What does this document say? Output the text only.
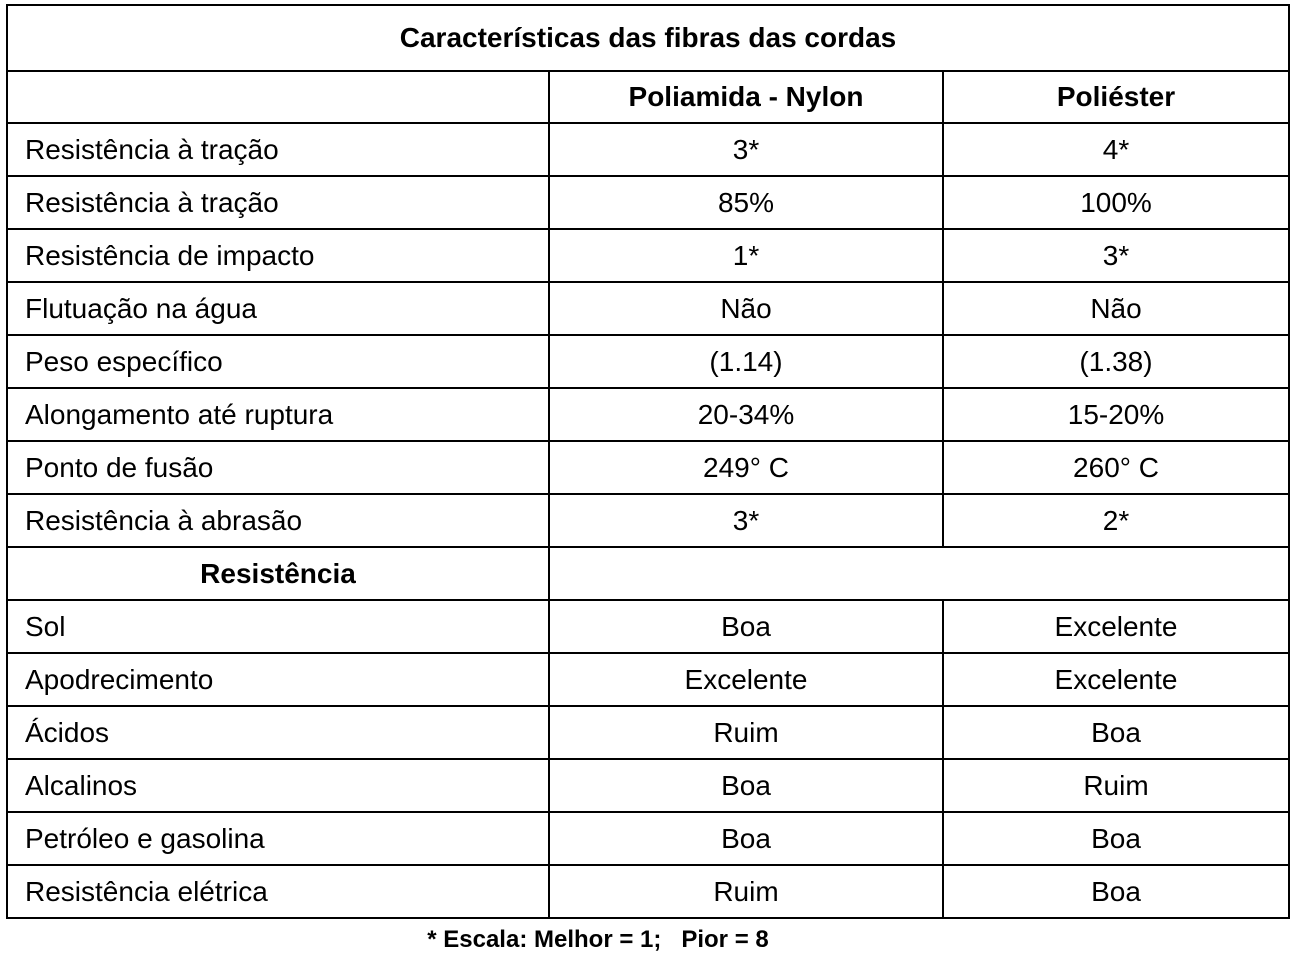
Características das fibras das cordas		
	Poliamida - Nylon	Poliéster
Resistência à tração	3*	4*
Resistência à tração	85%	100%
Resistência de impacto	1*	3*
Flutuação na água	Não	Não
Peso específico	(1.14)	(1.38)
Alongamento até ruptura	20-34%	15-20%
Ponto de fusão	249° C	260° C
Resistência à abrasão	3*	2*
Resistência		
Sol	Boa	Excelente
Apodrecimento	Excelente	Excelente
Ácidos	Ruim	Boa
Alcalinos	Boa	Ruim
Petróleo e gasolina	Boa	Boa
Resistência elétrica	Ruim	Boa
* Escala: Melhor = 1;   Pior = 8
